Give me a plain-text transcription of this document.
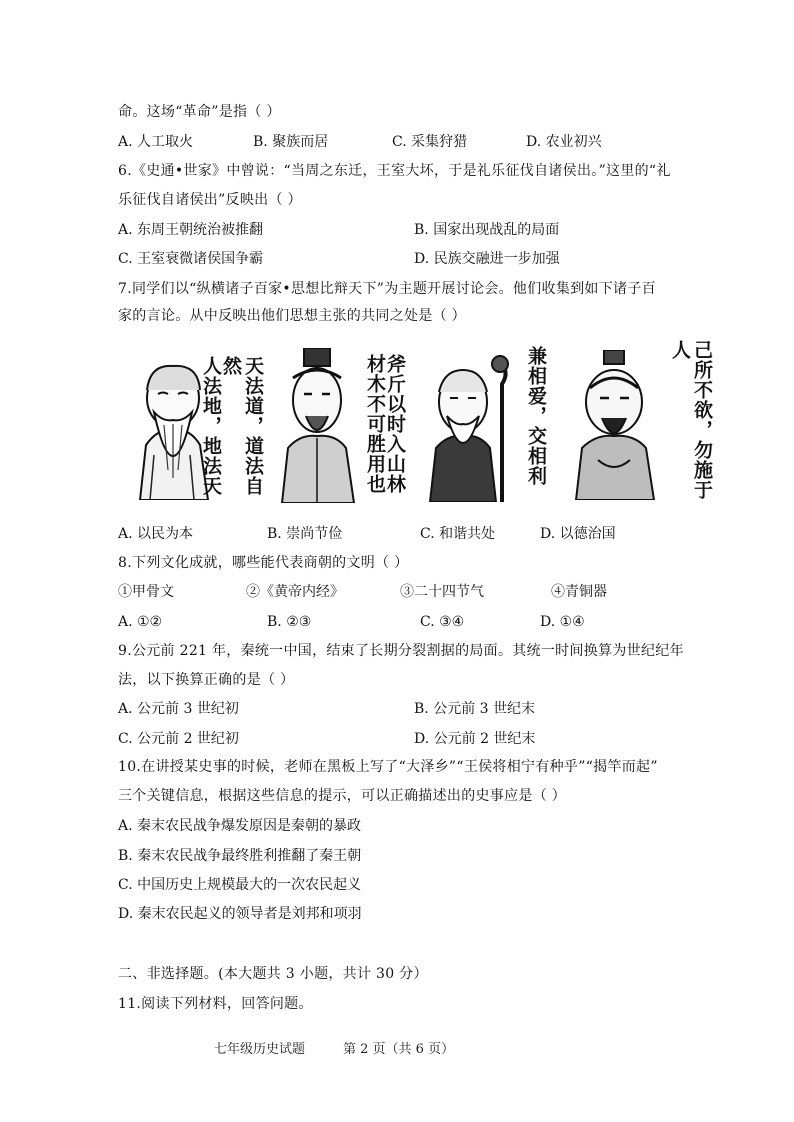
命。这场“革命”是指（ ）
A. 人工取火	B. 聚族而居	C. 采集狩猎	D. 农业初兴
6.《史通•世家》中曾说：“当周之东迁，王室大坏，于是礼乐征伐自诸侯出。”这里的“礼
乐征伐自诸侯出”反映出（ ）
A. 东周王朝统治被推翻	B. 国家出现战乱的局面
C. 王室衰微诸侯国争霸	D. 民族交融进一步加强
7.同学们以“纵横诸子百家•思想比辩天下”为主题开展讨论会。他们收集到如下诸子百
家的言论。从中反映出他们思想主张的共同之处是（ ）
天法道，道法自然
人法地，地法天	斧斤以时入山林
材木不可胜用也	兼相爱，交相利	己所不欲，勿施于人
A. 以民为本	B. 崇尚节俭	C. 和谐共处	D. 以德治国
8.下列文化成就，哪些能代表商朝的文明（ ）
①甲骨文	②《黄帝内经》	③二十四节气	④青铜器
A. ①②	B. ②③	C. ③④	D. ①④
9.公元前 221 年，秦统一中国，结束了长期分裂割据的局面。其统一时间换算为世纪纪年
法，以下换算正确的是（ ）
A. 公元前 3 世纪初	B. 公元前 3 世纪末
C. 公元前 2 世纪初	D. 公元前 2 世纪末
10.在讲授某史事的时候，老师在黑板上写了“大泽乡”“王侯将相宁有种乎”“揭竿而起”
三个关键信息，根据这些信息的提示，可以正确描述出的史事应是（ ）
A. 秦末农民战争爆发原因是秦朝的暴政
B. 秦末农民战争最终胜利推翻了秦王朝
C. 中国历史上规模最大的一次农民起义
D. 秦末农民起义的领导者是刘邦和项羽
二、非选择题。(本大题共 3 小题，共计 30 分）
11.阅读下列材料，回答问题。
七年级历史试题	第 2 页（共 6 页）
